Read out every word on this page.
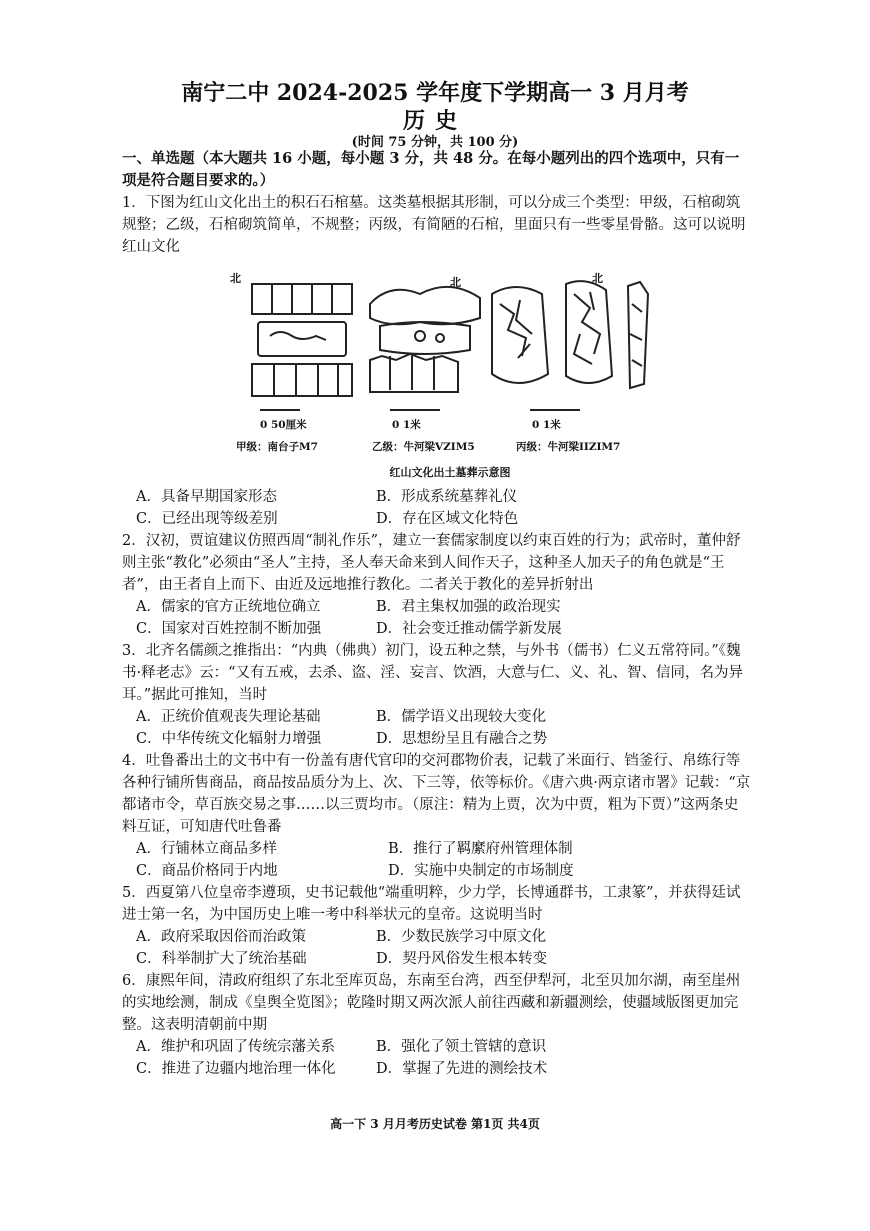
南宁二中 2024-2025 学年度下学期高一 3 月月考
历史
(时间 75 分钟，共 100 分)

一、单选题（本大题共 16 小题，每小题 3 分，共 48 分。在每小题列出的四个选项中，只有一项是符合题目要求的。）

1．下图为红山文化出土的积石石棺墓。这类墓根据其形制，可以分成三个类型：甲级，石棺砌筑规整；乙级，石棺砌筑简单，不规整；丙级，有简陋的石棺，里面只有一些零星骨骼。这可以说明红山文化

北	北	北
0 50厘米	0 1米	0 1米
甲级：南台子M7	乙级：牛河梁VZIM5	丙级：牛河梁IIZIM7
红山文化出土墓葬示意图
A．具备早期国家形态	B．形成系统墓葬礼仪
C．已经出现等级差别	D．存在区域文化特色

2．汉初，贾谊建议仿照西周“制礼作乐”，建立一套儒家制度以约束百姓的行为；武帝时，董仲舒则主张“教化”必须由“圣人”主持，圣人奉天命来到人间作天子，这种圣人加天子的角色就是“王者”，由王者自上而下、由近及远地推行教化。二者关于教化的差异折射出

A．儒家的官方正统地位确立	B．君主集权加强的政治现实
C．国家对百姓控制不断加强	D．社会变迁推动儒学新发展

3．北齐名儒颜之推指出：“内典（佛典）初门，设五种之禁，与外书（儒书）仁义五常符同。”《魏书·释老志》云：“又有五戒，去杀、盗、淫、妄言、饮酒，大意与仁、义、礼、智、信同，名为异耳。”据此可推知，当时

A．正统价值观丧失理论基础	B．儒学语义出现较大变化
C．中华传统文化辐射力增强	D．思想纷呈且有融合之势

4．吐鲁番出土的文书中有一份盖有唐代官印的交河郡物价表，记载了米面行、铛釜行、帛练行等各种行铺所售商品，商品按品质分为上、次、下三等，依等标价。《唐六典·两京诸市署》记载：“京都诸市令，草百族交易之事……以三贾均市。（原注：精为上贾，次为中贾，粗为下贾）”这两条史料互证，可知唐代吐鲁番

A．行铺林立商品多样	B．推行了羁縻府州管理体制
C．商品价格同于内地	D．实施中央制定的市场制度

5．西夏第八位皇帝李遵顼，史书记载他“端重明粹，少力学，长博通群书，工隶篆”，并获得廷试进士第一名，为中国历史上唯一考中科举状元的皇帝。这说明当时

A．政府采取因俗而治政策	B．少数民族学习中原文化
C．科举制扩大了统治基础	D．契丹风俗发生根本转变

6．康熙年间，清政府组织了东北至库页岛，东南至台湾，西至伊犁河，北至贝加尔湖，南至崖州的实地绘测，制成《皇舆全览图》；乾隆时期又两次派人前往西藏和新疆测绘，使疆域版图更加完整。这表明清朝前中期

A．维护和巩固了传统宗藩关系	B．强化了领土管辖的意识
C．推进了边疆内地治理一体化	D．掌握了先进的测绘技术
高一下 3 月月考历史试卷 第1页 共4页
